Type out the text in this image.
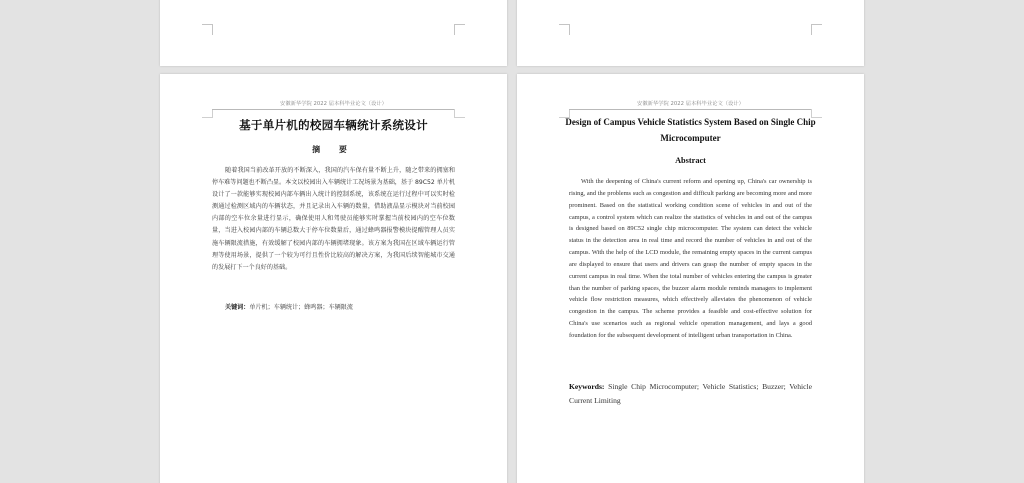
安徽新华学院 2022 届本科毕业论文（设计）
基于单片机的校园车辆统计系统设计
摘 要

随着我国当前改革开放的不断深入，我国的汽车保有量不断上升，随之带来的拥塞和停车难等问题也不断凸显。本文以校园出入车辆统计工况场景为基础，基于 89C52 单片机设计了一款能够实现校园内部车辆出入统计的控制系统，该系统在运行过程中可以实时检测通过检测区域内的车辆状态，并且记录出入车辆的数量，借助液晶显示模块对当前校园内部的空车位余量进行显示，确保使用人和驾驶员能够实时掌握当前校园内的空车位数量，当进入校园内部的车辆总数大于停车位数量后，通过蜂鸣器报警模块提醒管理人员实施车辆限流措施，有效缓解了校园内部的车辆拥堵现象。该方案为我国在区域车辆运行管理等使用场景，提供了一个较为可行且性价比较高的解决方案，为我国后续智能城市交通的发展打下一个良好的基础。

关键词：单片机；车辆统计；蜂鸣器；车辆限流
安徽新华学院 2022 届本科毕业论文（设计）
Design of Campus Vehicle Statistics System Based on Single Chip Microcomputer
Abstract

With the deepening of China's current reform and opening up, China's car ownership is rising, and the problems such as congestion and difficult parking are becoming more and more prominent. Based on the statistical working condition scene of vehicles in and out of the campus, a control system which can realize the statistics of vehicles in and out of the campus is designed based on 89C52 single chip microcomputer. The system can detect the vehicle status in the detection area in real time and record the number of vehicles in and out of the campus. With the help of the LCD module, the remaining empty spaces in the current campus are displayed to ensure that users and drivers can grasp the number of empty spaces in the current campus in real time. When the total number of vehicles entering the campus is greater than the number of parking spaces, the buzzer alarm module reminds managers to implement vehicle flow restriction measures, which effectively alleviates the phenomenon of vehicle congestion in the campus. The scheme provides a feasible and cost-effective solution for China's use scenarios such as regional vehicle operation management, and lays a good foundation for the subsequent development of intelligent urban transportation in China.

Keywords: Single Chip Microcomputer; Vehicle Statistics; Buzzer; Vehicle Current Limiting
